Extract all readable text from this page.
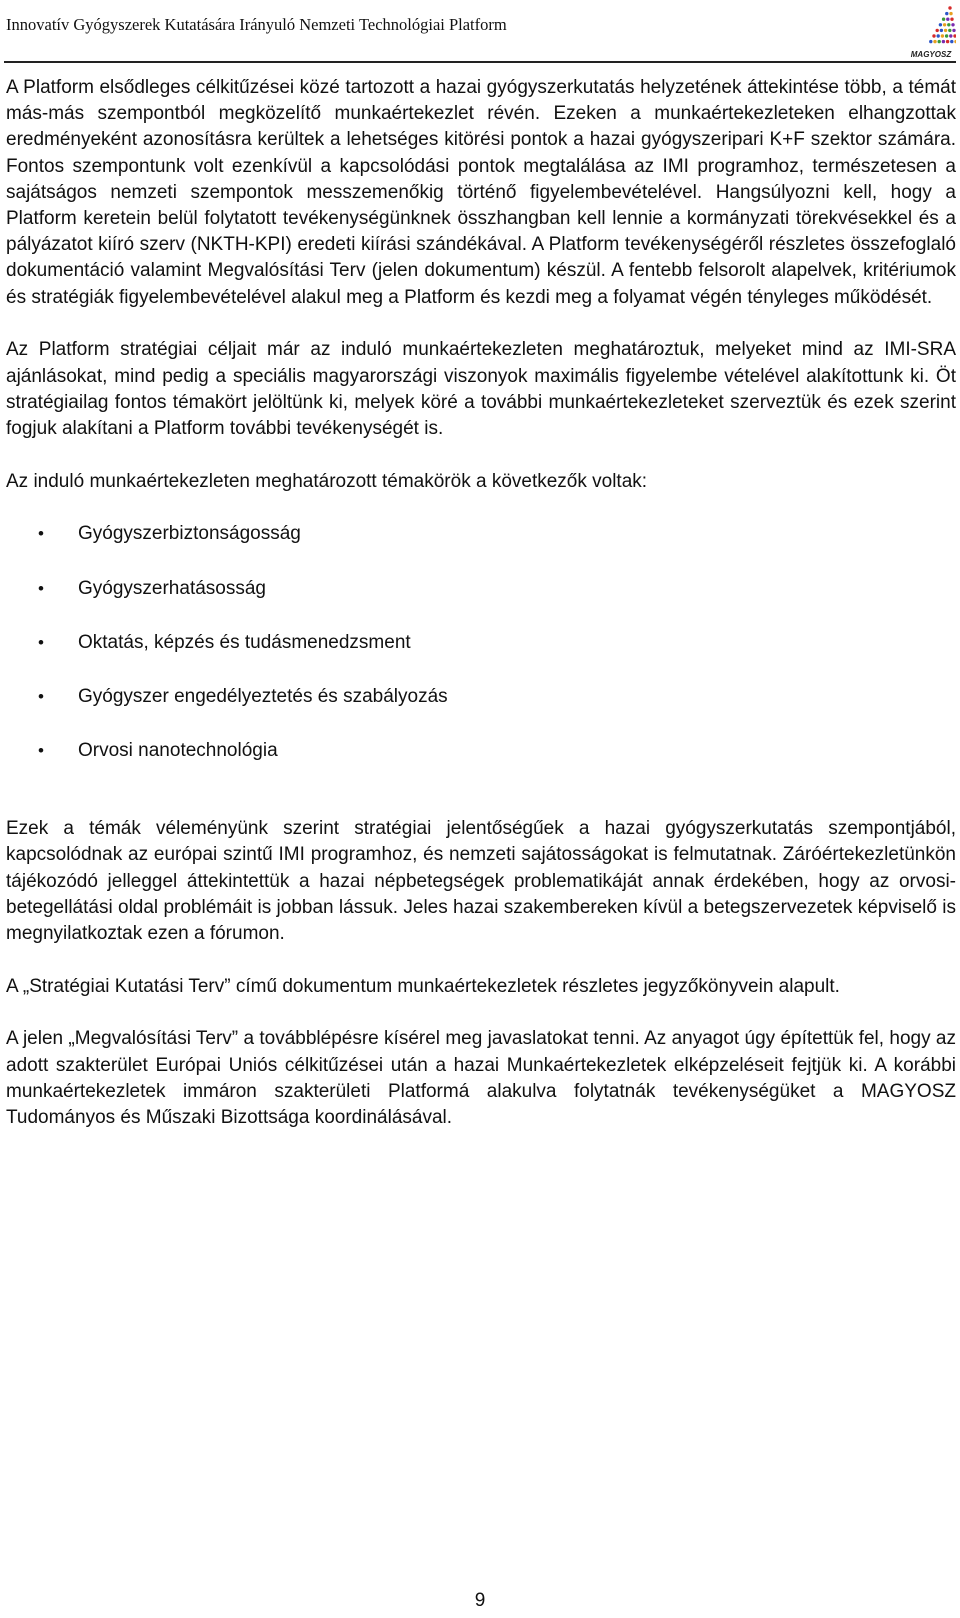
Innovatív Gyógyszerek Kutatására Irányuló Nemzeti Technológiai Platform
MAGYOSZ

A Platform elsődleges célkitűzései közé tartozott a hazai gyógyszerkutatás helyzetének áttekintése több, a témát más-más szempontból megközelítő munkaértekezlet révén. Ezeken a munkaértekezleteken elhangzottak eredményeként azonosításra kerültek a lehetséges kitörési pontok a hazai gyógyszeripari K+F szektor számára. Fontos szempontunk volt ezenkívül a kapcsolódási pontok megtalálása az IMI programhoz, természetesen a sajátságos nemzeti szempontok messzemenőkig történő figyelembevételével. Hangsúlyozni kell, hogy a Platform keretein belül folytatott tevékenységünknek összhangban kell lennie a kormányzati törekvésekkel és a pályázatot kiíró szerv (NKTH-KPI) eredeti kiírási szándékával. A Platform tevékenységéről részletes összefoglaló dokumentáció valamint Megvalósítási Terv (jelen dokumentum) készül. A fentebb felsorolt alapelvek, kritériumok és stratégiák figyelembevételével alakul meg a Platform és kezdi meg a folyamat végén tényleges működését.

Az Platform stratégiai céljait már az induló munkaértekezleten meghatároztuk, melyeket mind az IMI-SRA ajánlásokat, mind pedig a speciális magyarországi viszonyok maximális figyelembe vételével alakítottunk ki. Öt stratégiailag fontos témakört jelöltünk ki, melyek köré a további munkaértekezleteket szerveztük és ezek szerint fogjuk alakítani a Platform további tevékenységét is.

Az induló munkaértekezleten meghatározott témakörök a következők voltak:

• Gyógyszerbiztonságosság
• Gyógyszerhatásosság
• Oktatás, képzés és tudásmenedzsment
• Gyógyszer engedélyeztetés és szabályozás
• Orvosi nanotechnológia

Ezek a témák véleményünk szerint stratégiai jelentőségűek a hazai gyógyszerkutatás szempontjából, kapcsolódnak az európai szintű IMI programhoz, és nemzeti sajátosságokat is felmutatnak. Záróértekezletünkön tájékozódó jelleggel áttekintettük a hazai népbetegségek problematikáját annak érdekében, hogy az orvosi- betegellátási oldal problémáit is jobban lássuk. Jeles hazai szakembereken kívül a betegszervezetek képviselő is megnyilatkoztak ezen a fórumon.

A „Stratégiai Kutatási Terv” című dokumentum munkaértekezletek részletes jegyzőkönyvein alapult.

A jelen „Megvalósítási Terv” a továbblépésre kísérel meg javaslatokat tenni. Az anyagot úgy építettük fel, hogy az adott szakterület Európai Uniós célkitűzései után a hazai Munkaértekezletek elképzeléseit fejtjük ki. A korábbi munkaértekezletek immáron szakterületi Platformá alakulva folytatnák tevékenységüket a MAGYOSZ Tudományos és Műszaki Bizottsága koordinálásával.

9
